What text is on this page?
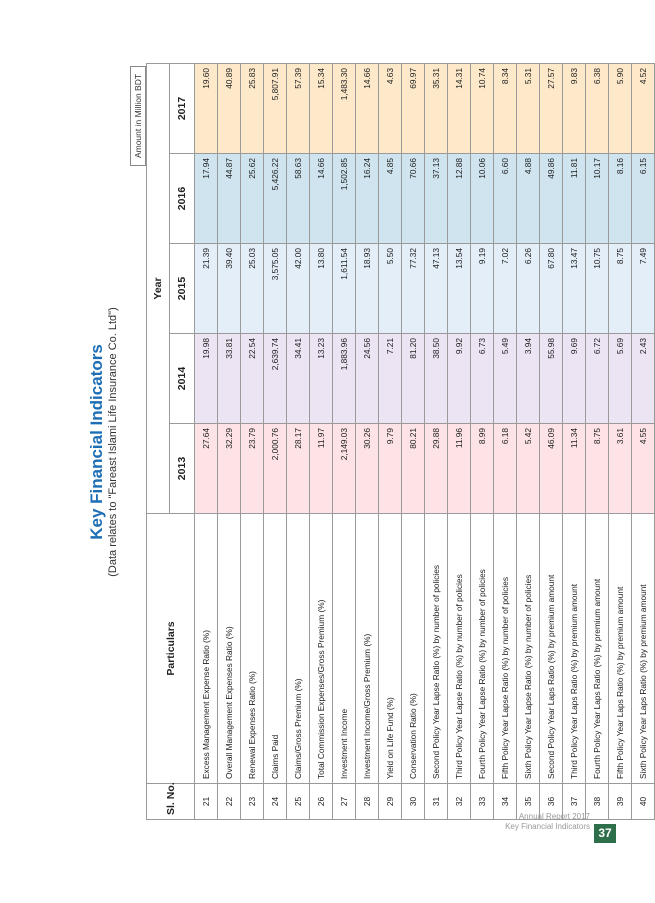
Key Financial Indicators (Data relates to "Fareast Islami Life Insurance Co. Ltd")
Amount in Million BDT
Sl. No.	Particulars	Year				
		2013	2014	2015	2016	2017
21	Excess Management Expense Ratio (%)	27.64	19.98	21.39	17.94	19.60
22	Overall Management Expenses Ratio (%)	32.29	33.81	39.40	44.87	40.89
23	Renewal Expenses Ratio (%)	23.79	22.54	25.03	25.62	25.83
24	Claims Paid	2,000.76	2,639.74	3,575.05	5,426.22	5,807.91
25	Claims/Gross Premium (%)	28.17	34.41	42.00	58.63	57.39
26	Total Commission Expenses/Gross Premium (%)	11.97	13.23	13.80	14.66	15.34
27	Investment Income	2,149.03	1,883.96	1,611.54	1,502.85	1,483.30
28	Investment Income/Gross Premium (%)	30.26	24.56	18.93	16.24	14.66
29	Yield on Life Fund (%)	9.79	7.21	5.50	4.85	4.63
30	Conservation Ratio (%)	80.21	81.20	77.32	70.66	69.97
31	Second Policy Year Lapse Ratio (%) by number of policies	29.88	38.50	47.13	37.13	35.31
32	Third Policy Year Lapse Ratio (%) by number of policies	11.96	9.92	13.54	12.88	14.31
33	Fourth Policy Year Lapse Ratio (%) by number of policies	8.99	6.73	9.19	10.06	10.74
34	Fifth Policy Year Lapse Ratio (%) by number of policies	6.18	5.49	7.02	6.60	8.34
35	Sixth Policy Year Lapse Ratio (%) by number of policies	5.42	3.94	6.26	4.88	5.31
36	Second Policy Year Laps Ratio (%) by premium amount	46.09	55.98	67.80	49.86	27.57
37	Third Policy Year Laps Ratio (%) by premium amount	11.34	9.69	13.47	11.81	9.83
38	Fourth Policy Year Laps Ratio (%) by premium amount	8.75	6.72	10.75	10.17	6.38
39	Fifth Policy Year Laps Ratio (%) by premium amount	3.61	5.69	8.75	8.16	5.90
40	Sixth Policy Year Laps Ratio (%) by premium amount	4.55	2.43	7.49	6.15	4.52
Annual Report 2017
Key Financial Indicators 37
